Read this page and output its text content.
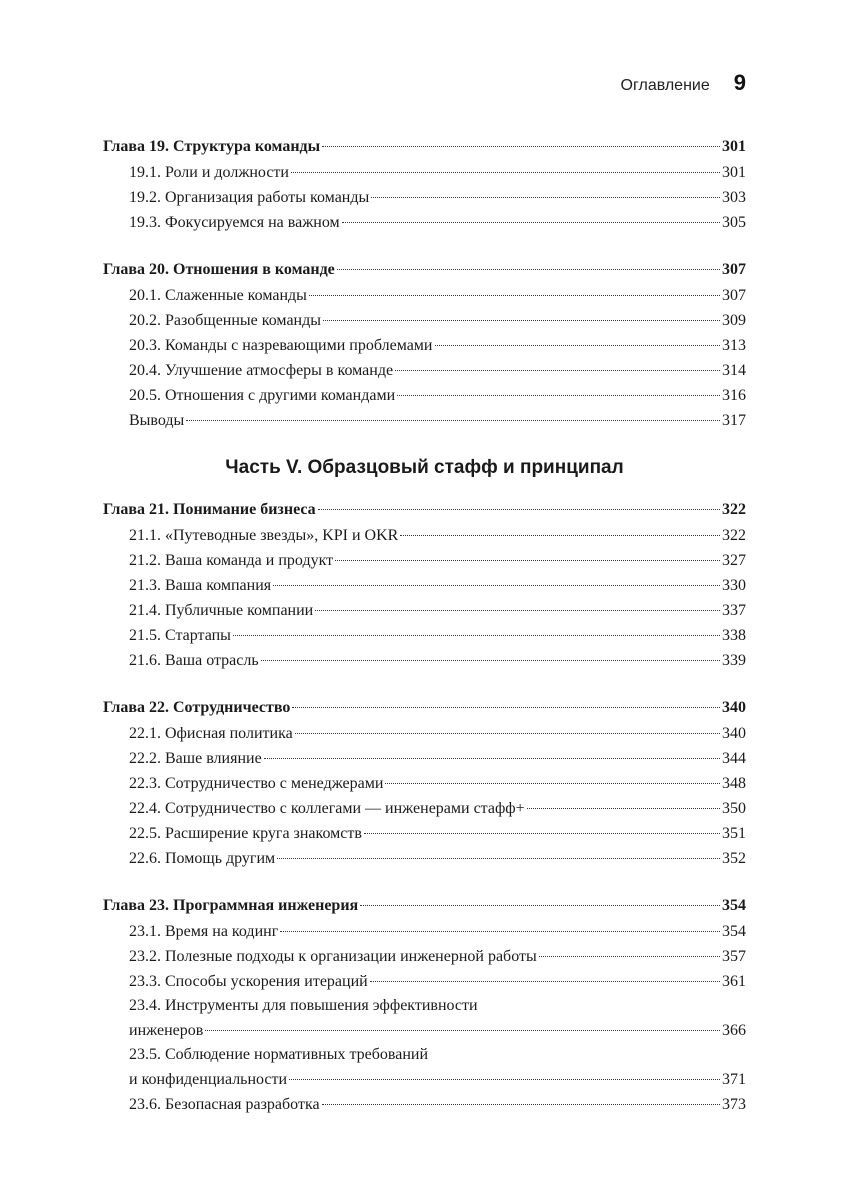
Оглавление 9
Глава 19. Структура команды	301
19.1. Роли и должности	301
19.2. Организация работы команды	303
19.3. Фокусируемся на важном	305
Глава 20. Отношения в команде	307
20.1. Слаженные команды	307
20.2. Разобщенные команды	309
20.3. Команды с назревающими проблемами	313
20.4. Улучшение атмосферы в команде	314
20.5. Отношения с другими командами	316
Выводы	317
Часть V. Образцовый стафф и принципал
Глава 21. Понимание бизнеса	322
21.1. «Путеводные звезды», KPI и OKR	322
21.2. Ваша команда и продукт	327
21.3. Ваша компания	330
21.4. Публичные компании	337
21.5. Стартапы	338
21.6. Ваша отрасль	339
Глава 22. Сотрудничество	340
22.1. Офисная политика	340
22.2. Ваше влияние	344
22.3. Сотрудничество с менеджерами	348
22.4. Сотрудничество с коллегами — инженерами стафф+	350
22.5. Расширение круга знакомств	351
22.6. Помощь другим	352
Глава 23. Программная инженерия	354
23.1. Время на кодинг	354
23.2. Полезные подходы к организации инженерной работы	357
23.3. Способы ускорения итераций	361
23.4. Инструменты для повышения эффективности
инженеров	366
23.5. Соблюдение нормативных требований
и конфиденциальности	371
23.6. Безопасная разработка	373
